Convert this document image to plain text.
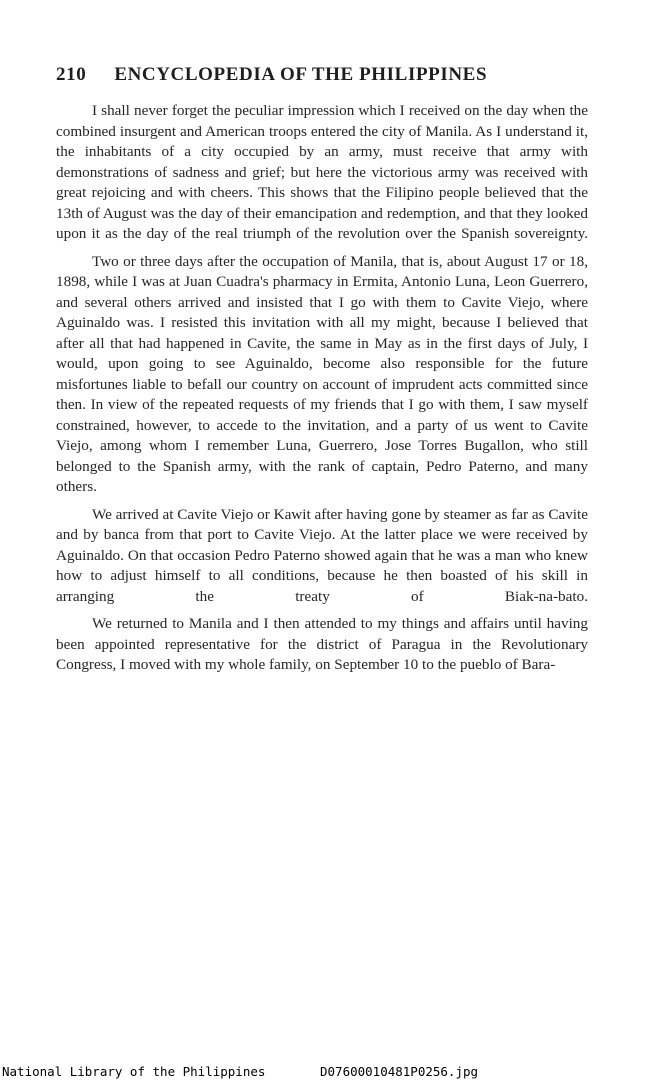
210 ENCYCLOPEDIA OF THE PHILIPPINES

I shall never forget the peculiar impression which I received on the day when the combined insurgent and American troops entered the city of Manila. As I understand it, the inhabitants of a city occupied by an army, must receive that army with demonstrations of sadness and grief; but here the victorious army was received with great rejoicing and with cheers. This shows that the Filipino people believed that the 13th of August was the day of their emancipation and redemption, and that they looked upon it as the day of the real triumph of the revolution over the Spanish sovereignty.

Two or three days after the occupation of Manila, that is, about August 17 or 18, 1898, while I was at Juan Cuadra's pharmacy in Ermita, Antonio Luna, Leon Guerrero, and several others arrived and insisted that I go with them to Cavite Viejo, where Aguinaldo was. I resisted this invitation with all my might, because I believed that after all that had happened in Cavite, the same in May as in the first days of July, I would, upon going to see Aguinaldo, become also responsible for the future misfortunes liable to befall our country on account of imprudent acts committed since then. In view of the repeated requests of my friends that I go with them, I saw myself constrained, however, to accede to the invitation, and a party of us went to Cavite Viejo, among whom I remember Luna, Guerrero, Jose Torres Bugallon, who still belonged to the Spanish army, with the rank of captain, Pedro Paterno, and many others.

We arrived at Cavite Viejo or Kawit after having gone by steamer as far as Cavite and by banca from that port to Cavite Viejo. At the latter place we were received by Aguinaldo. On that occasion Pedro Paterno showed again that he was a man who knew how to adjust himself to all conditions, because he then boasted of his skill in arranging the treaty of Biak-na-bato.

We returned to Manila and I then attended to my things and affairs until having been appointed representative for the district of Paragua in the Revolutionary Congress, I moved with my whole family, on September 10 to the pueblo of Bara-

National Library of the Philippines	D07600010481P0256.jpg
